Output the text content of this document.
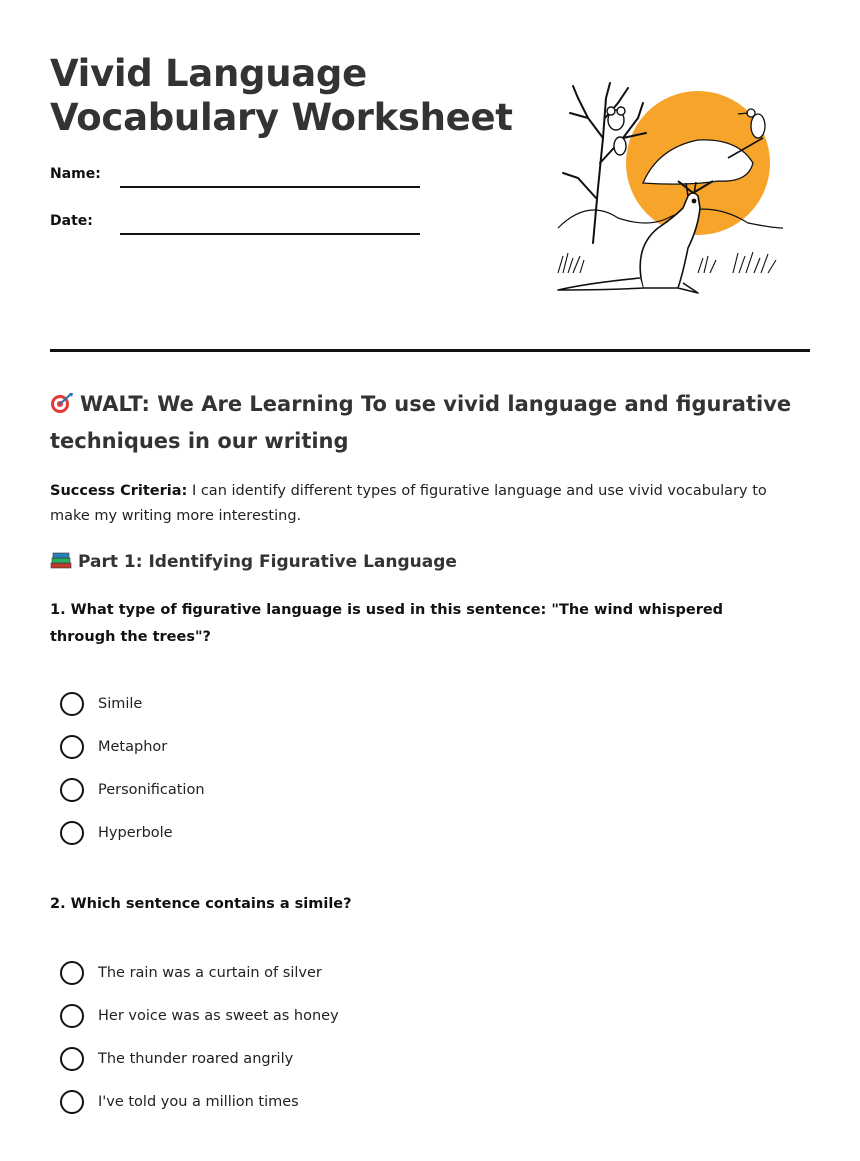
Vivid Language
Vocabulary Worksheet
Name:
Date:
WALT: We Are Learning To use vivid language and figurative techniques in our writing
Success Criteria: I can identify different types of figurative language and use vivid vocabulary to make my writing more interesting.
Part 1: Identifying Figurative Language
1. What type of figurative language is used in this sentence: "The wind whispered through the trees"?
Simile
Metaphor
Personification
Hyperbole
2. Which sentence contains a simile?
The rain was a curtain of silver
Her voice was as sweet as honey
The thunder roared angrily
I've told you a million times
